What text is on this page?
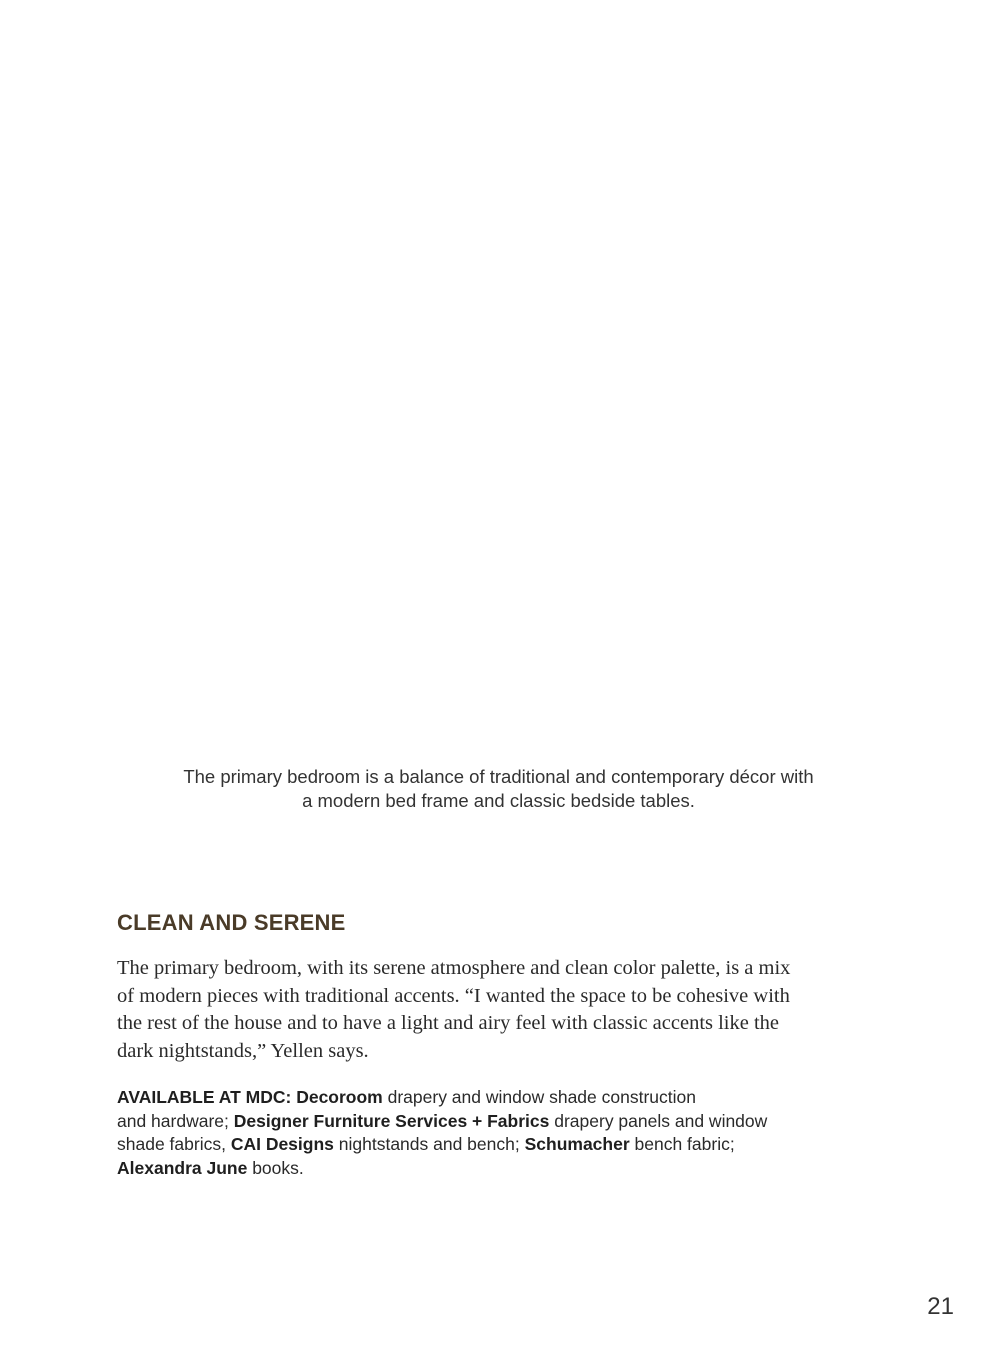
The primary bedroom is a balance of traditional and contemporary décor with
a modern bed frame and classic bedside tables.

CLEAN AND SERENE

The primary bedroom, with its serene atmosphere and clean color palette, is a mix
of modern pieces with traditional accents. “I wanted the space to be cohesive with
the rest of the house and to have a light and airy feel with classic accents like the
dark nightstands,” Yellen says.

AVAILABLE AT MDC: Decoroom drapery and window shade construction
and hardware; Designer Furniture Services + Fabrics drapery panels and window
shade fabrics, CAI Designs nightstands and bench; Schumacher bench fabric;
Alexandra June books.

21
